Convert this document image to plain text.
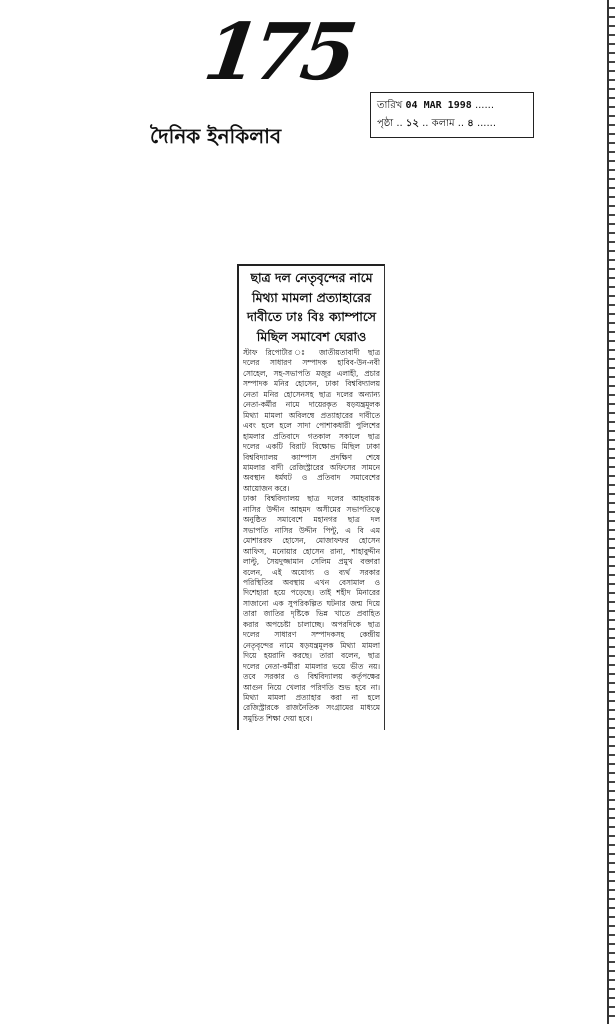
175
দৈনিক ইনকিলাব
তারিখ 04 MAR 1998 ......
পৃষ্ঠা .. ১২ .. কলাম .. ৪ ......
ছাত্র দল নেতৃবৃন্দের নামে
মিথ্যা মামলা প্রত্যাহারের
দাবীতে ঢাঃ বিঃ ক্যাম্পাসে
মিছিল সমাবেশ ঘেরাও
স্টাফ রিপোর্টার ঃ জাতীয়তাবাদী ছাত্র
দলের সাধারণ সম্পাদক হাবিব-উন-নবী
সোহেল, সহ-সভাপতি মজুর এলাহী, প্রচার
সম্পাদক মনির হোসেন, ঢাকা বিশ্ববিদ্যালয়
নেতা মনির হোসেনসহ ছাত্র দলের অন্যান্য
নেতা-কর্মীর নামে দায়েরকৃত ষড়যন্ত্রমূলক
মিথ্যা মামলা অবিলম্বে প্রত্যাহারের দাবীতে
এবং হলে হলে সাদা পোশাকধারী পুলিশের
হামলার প্রতিবাদে গতকাল সকালে ছাত্র
দলের একটি বিরাট বিক্ষোভ মিছিল ঢাকা
বিশ্ববিদ্যালয় ক্যাম্পাস প্রদক্ষিণ শেষে
মামলার বাদী রেজিস্ট্রারের অফিসের সামনে
অবস্থান ধর্মঘট ও প্রতিবাদ সমাবেশের
আয়োজন করে।
ঢাকা বিশ্ববিদ্যালয় ছাত্র দলের আহবায়ক
নাসির উদ্দীন আহমদ অসীমের সভাপতিত্বে
অনুষ্ঠিত সমাবেশে মহানগর ছাত্র দল
সভাপতি নাসির উদ্দীন পিন্টু, এ বি এম
মোশাররফ হোসেন, মোজাফফর হোসেন
আফিস, মনোয়ার হোসেন রানা, শাহাবুদ্দীন
লাল্টু, সৈয়দুজ্জামান সেলিম প্রমুখ বক্তারা
বলেন, এই অযোগ্য ও ব্যর্থ সরকার
পরিস্থিতির অবস্থায় এখন বেসামাল ও
দিশেহারা হয়ে পড়েছে। তাই শহীদ মিনারের
সাজানো এক সুপরিকল্পিত ঘটনার জন্ম দিয়ে
তারা জাতির দৃষ্টিকে ভিন্ন খাতে প্রবাহিত
করার অপচেষ্টা চালাচ্ছে। অপরদিকে ছাত্র
দলের সাধারণ সম্পাদকসহ কেন্দ্রীয়
নেতৃবৃন্দের নামে ষড়যন্ত্রমূলক মিথ্যা মামলা
দিয়ে হয়রানি করছে। তারা বলেন, ছাত্র
দলের নেতা-কর্মীরা মামলার ভয়ে ভীত নয়।
তবে সরকার ও বিশ্ববিদ্যালয় কর্তৃপক্ষের
আগুন নিয়ে খেলার পরিণতি শুভ হবে না।
মিথ্যা মামলা প্রত্যাহার করা না হলে
রেজিস্ট্রারকে রাজনৈতিক সংগ্রামের মাধ্যমে
সমুচিত শিক্ষা দেয়া হবে।
